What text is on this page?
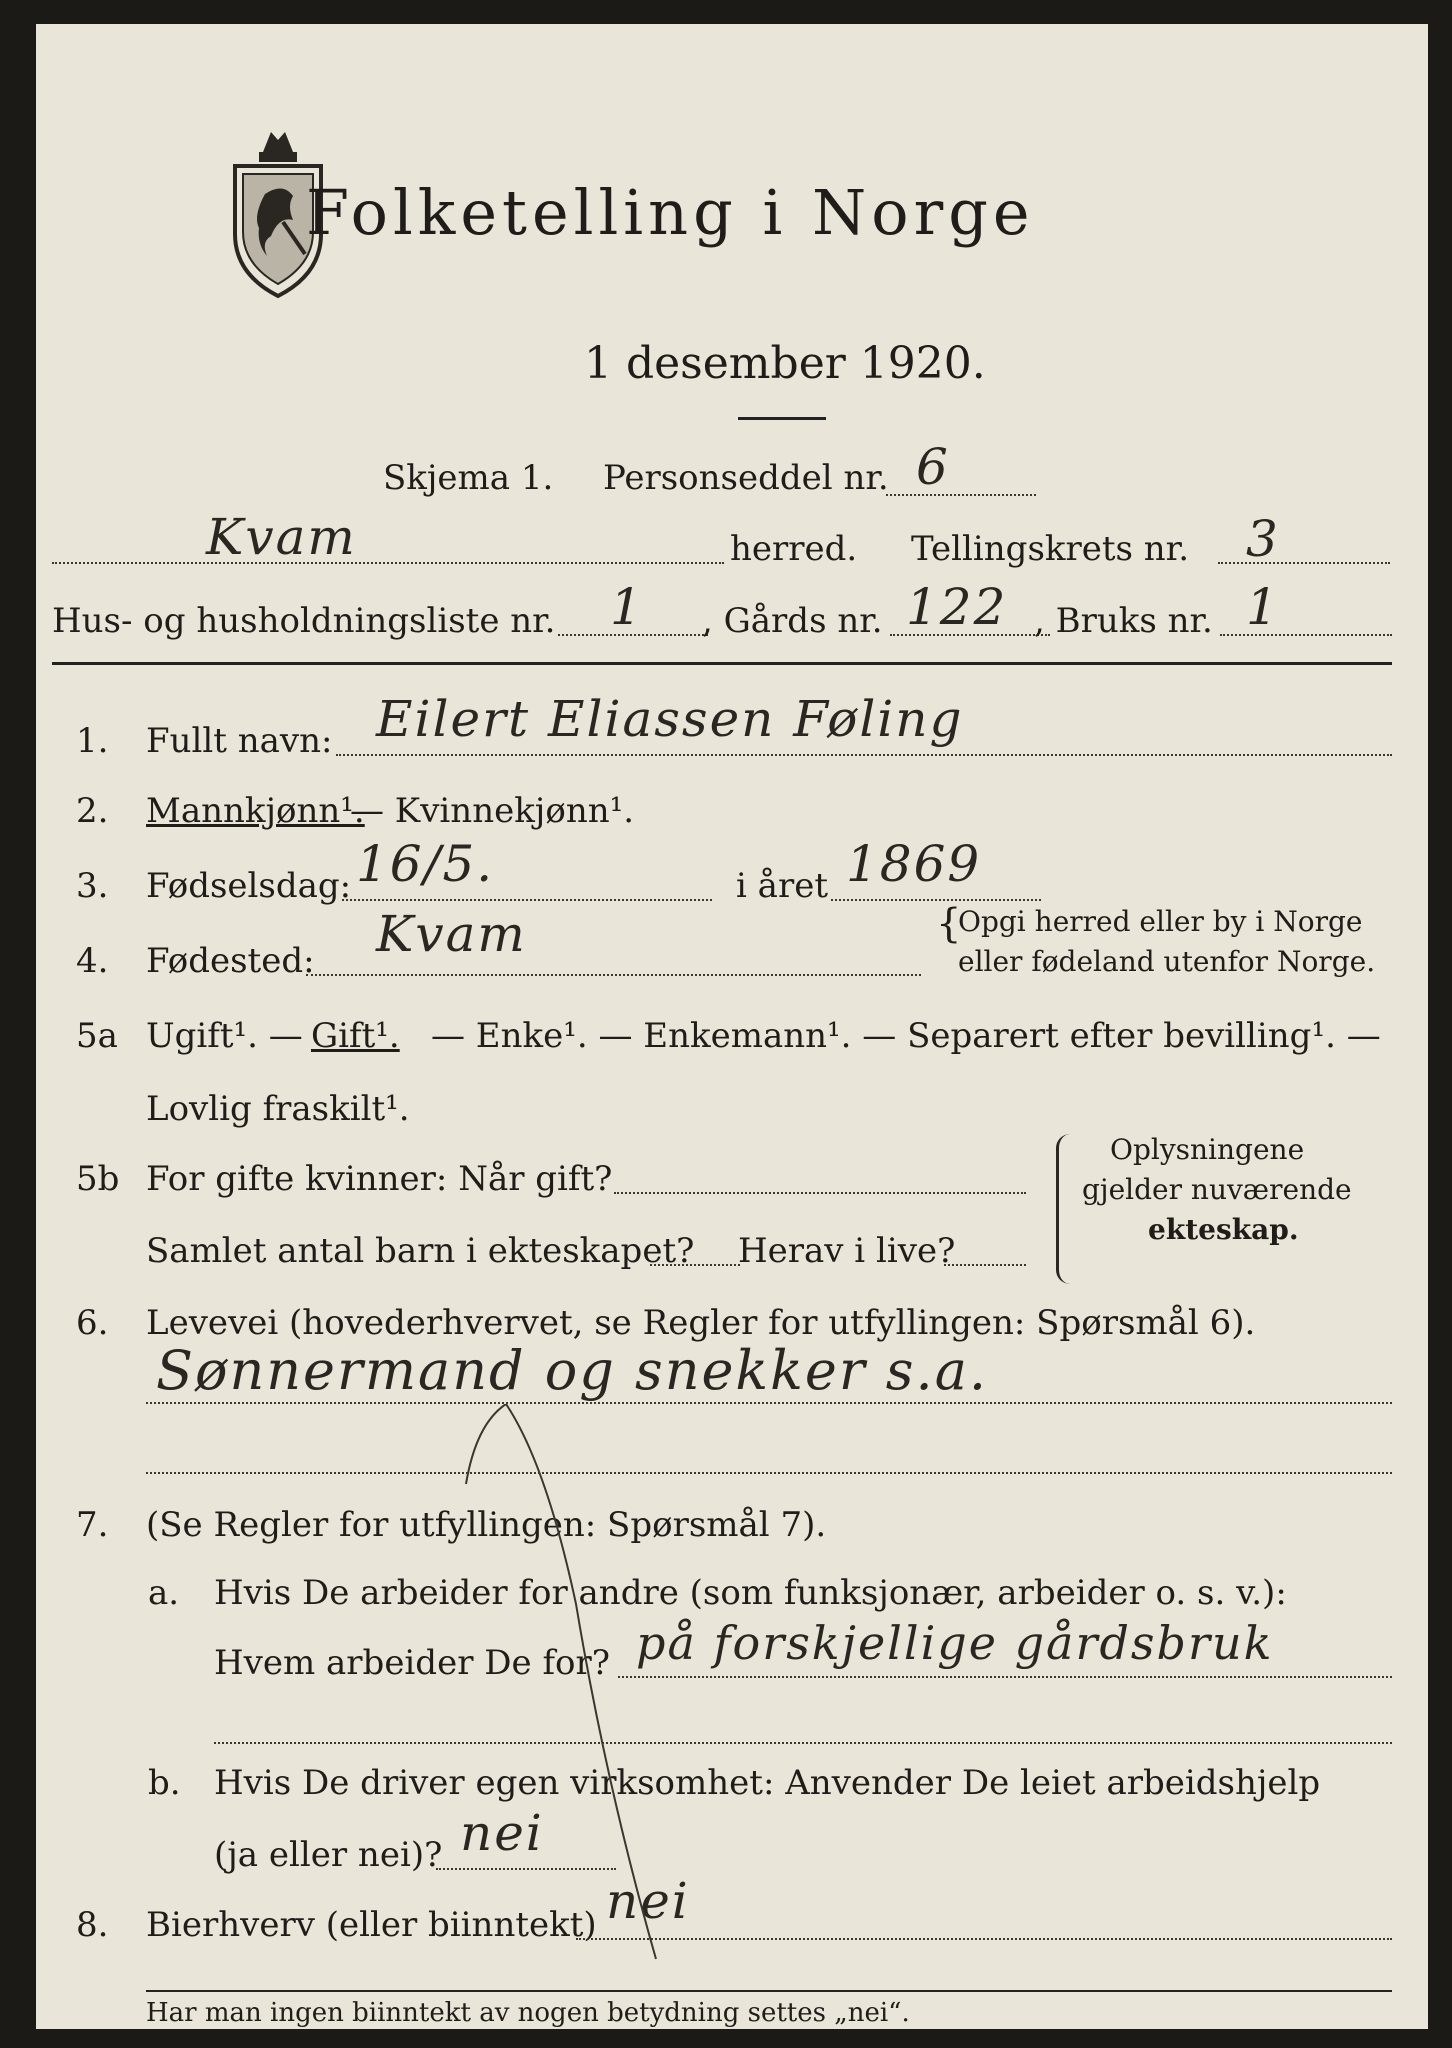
Folketelling i Norge
1 desember 1920.
Skjema 1. Personseddel nr. 6
Kvam	herred. Tellingskrets nr. 3
Hus- og husholdningsliste nr. 1 , Gårds nr. 122 , Bruks nr. 1
1. Fullt navn: Eilert Eliassen Føling
2. Mannkjønn¹.
— Kvinnekjønn¹.
3. Fødselsdag: 16/5.	i året 1869
4. Fødested: Kvam	{
Opgi herred eller by i Norge
eller fødeland utenfor Norge.
5a Ugift¹. — Gift¹. — Enke¹. — Enkemann¹. — Separert efter bevilling¹. —
Lovlig fraskilt¹.
5b For gifte kvinner: Når gift?
Samlet antal barn i ekteskapet? Herav i live?
Oplysningene
gjelder nuværende
ekteskap.
6. Levevei (hovederhvervet, se Regler for utfyllingen: Spørsmål 6).
Sønnermand og snekker s.a.
7. (Se Regler for utfyllingen: Spørsmål 7).
a. Hvis De arbeider for andre (som funksjonær, arbeider o. s. v.):
Hvem arbeider De for? på forskjellige gårdsbruk
b. Hvis De driver egen virksomhet: Anvender De leiet arbeidshjelp
(ja eller nei)? nei
8. Bierhverv (eller biinntekt) nei
Har man ingen biinntekt av nogen betydning settes „nei“.
